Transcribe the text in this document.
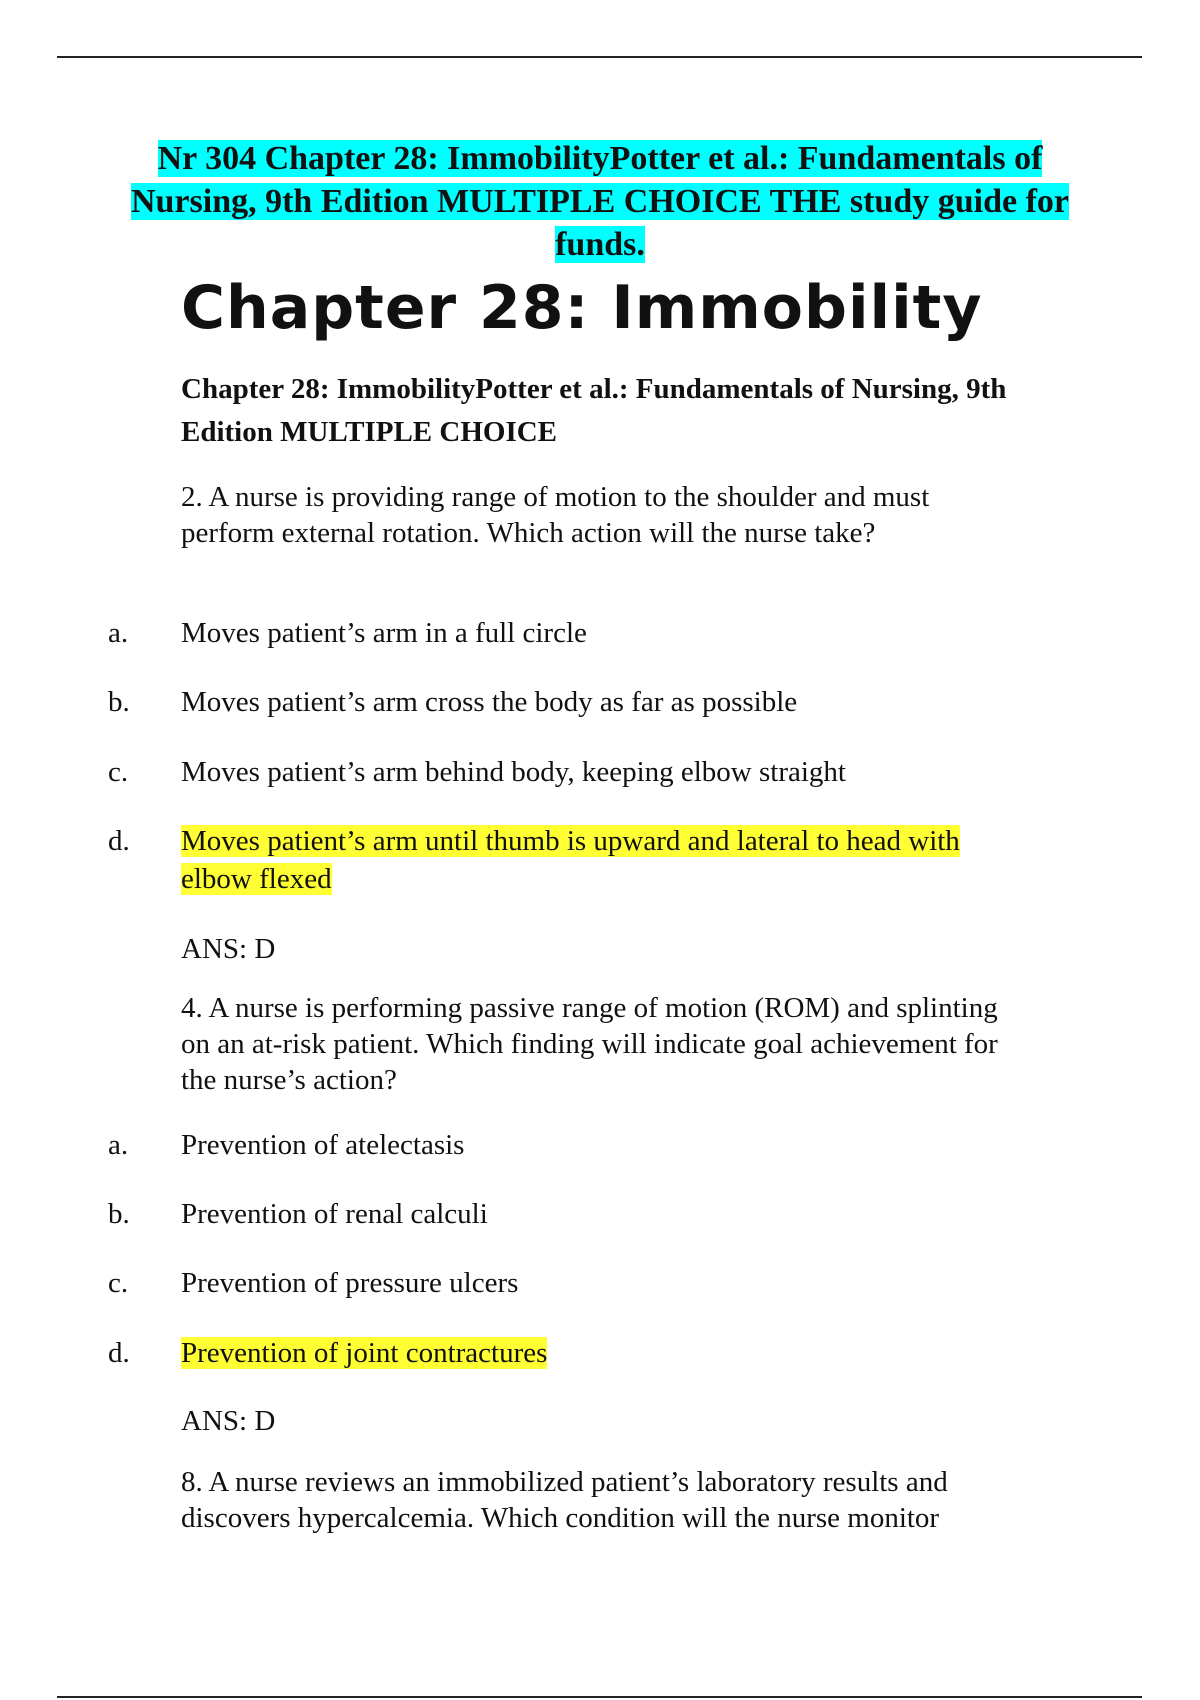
Nr 304 Chapter 28: ImmobilityPotter et al.: Fundamentals of Nursing, 9th Edition MULTIPLE CHOICE THE study guide for funds.
Chapter 28: Immobility
Chapter 28: ImmobilityPotter et al.: Fundamentals of Nursing, 9th Edition MULTIPLE CHOICE
2. A nurse is providing range of motion to the shoulder and must perform external rotation. Which action will the nurse take?
a. Moves patient’s arm in a full circle
b. Moves patient’s arm cross the body as far as possible
c. Moves patient’s arm behind body, keeping elbow straight
d. Moves patient’s arm until thumb is upward and lateral to head with elbow flexed
ANS: D
4. A nurse is performing passive range of motion (ROM) and splinting on an at-risk patient. Which finding will indicate goal achievement for the nurse’s action?
a. Prevention of atelectasis
b. Prevention of renal calculi
c. Prevention of pressure ulcers
d. Prevention of joint contractures
ANS: D
8. A nurse reviews an immobilized patient’s laboratory results and discovers hypercalcemia. Which condition will the nurse monitor
